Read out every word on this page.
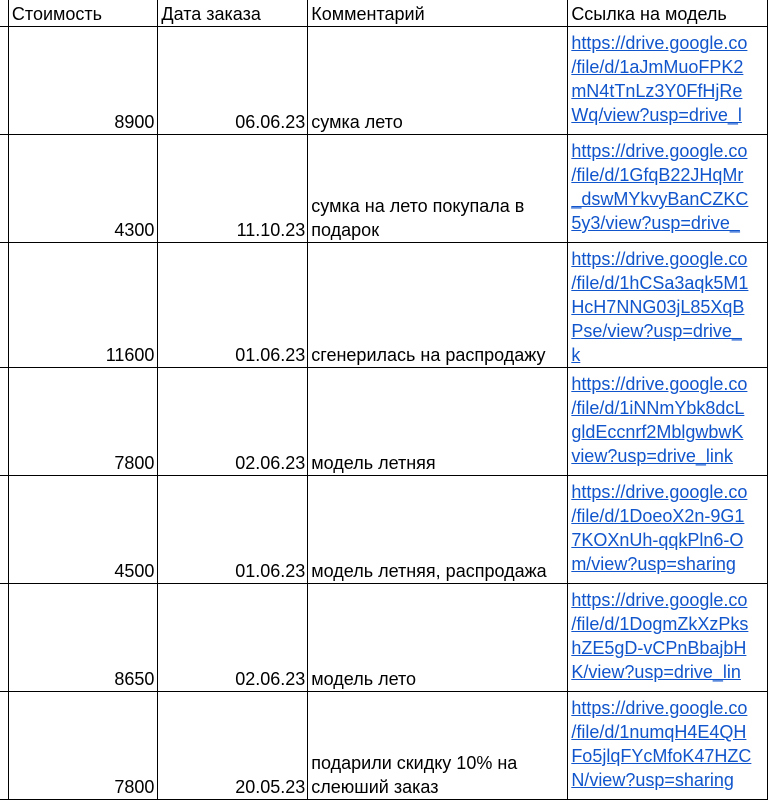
	Стоимость	Дата заказа	Комментарий	Ссылка на модель
	8900	06.06.23	сумка лето	https://drive.google.co
/file/d/1aJmMuoFPK2
mN4tTnLz3Y0FfHjRe
Wq/view?usp=drive_l

	4300	11.10.23	сумка на лето покупала в подарок	https://drive.google.co
/file/d/1GfqB22JHqMr
_dswMYkvyBanCZKC
5y3/view?usp=drive_

	11600	01.06.23	сгенерилась на распродажу	https://drive.google.co
/file/d/1hCSa3aqk5M1
HcH7NNG03jL85XqB
Pse/view?usp=drive_
k

	7800	02.06.23	модель летняя	https://drive.google.co
/file/d/1iNNmYbk8dcL
gldEccnrf2MblgwbwK
view?usp=drive_link

	4500	01.06.23	модель летняя, распродажа	https://drive.google.co
/file/d/1DoeoX2n-9G1
7KOXnUh-qqkPln6-O
m/view?usp=sharing

	8650	02.06.23	модель лето	https://drive.google.co
/file/d/1DogmZkXzPks
hZE5gD-vCPnBbajbH
K/view?usp=drive_lin

	7800	20.05.23	подарили скидку 10% на слеюший заказ	https://drive.google.co
/file/d/1numqH4E4QH
Fo5jlqFYcMfoK47HZC
N/view?usp=sharing
